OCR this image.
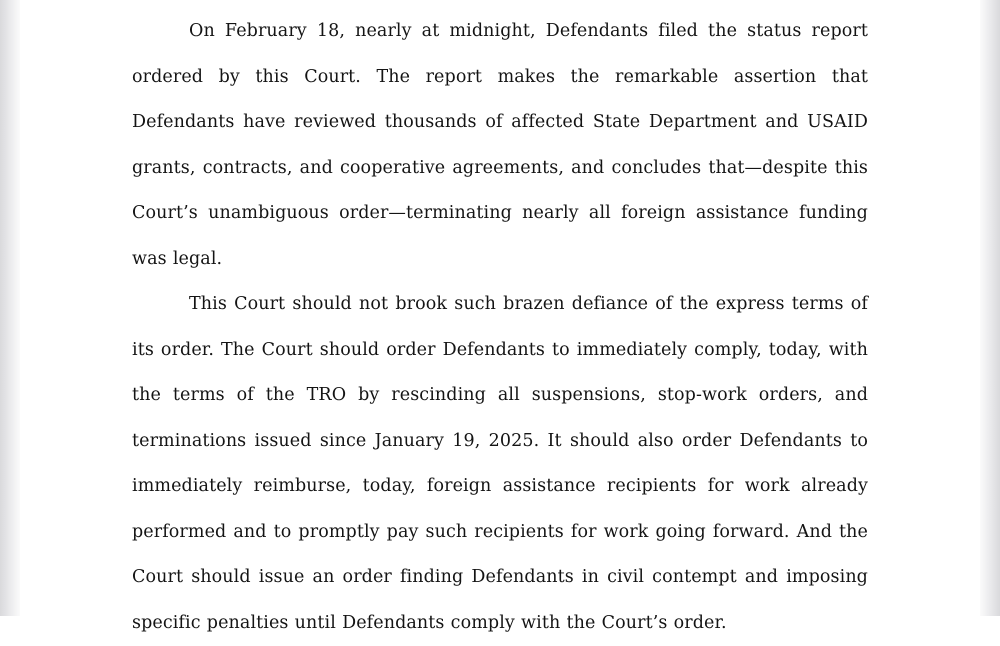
On February 18, nearly at midnight, Defendants filed the status report ordered by this Court. The report makes the remarkable assertion that Defendants have reviewed thousands of affected State Department and USAID grants, contracts, and cooperative agreements, and concludes that—despite this Court’s unambiguous order—terminating nearly all foreign assistance funding was legal.

This Court should not brook such brazen defiance of the express terms of its order. The Court should order Defendants to immediately comply, today, with the terms of the TRO by rescinding all suspensions, stop-work orders, and terminations issued since January 19, 2025. It should also order Defendants to immediately reimburse, today, foreign assistance recipients for work already performed and to promptly pay such recipients for work going forward. And the Court should issue an order finding Defendants in civil contempt and imposing specific penalties until Defendants comply with the Court’s order.
